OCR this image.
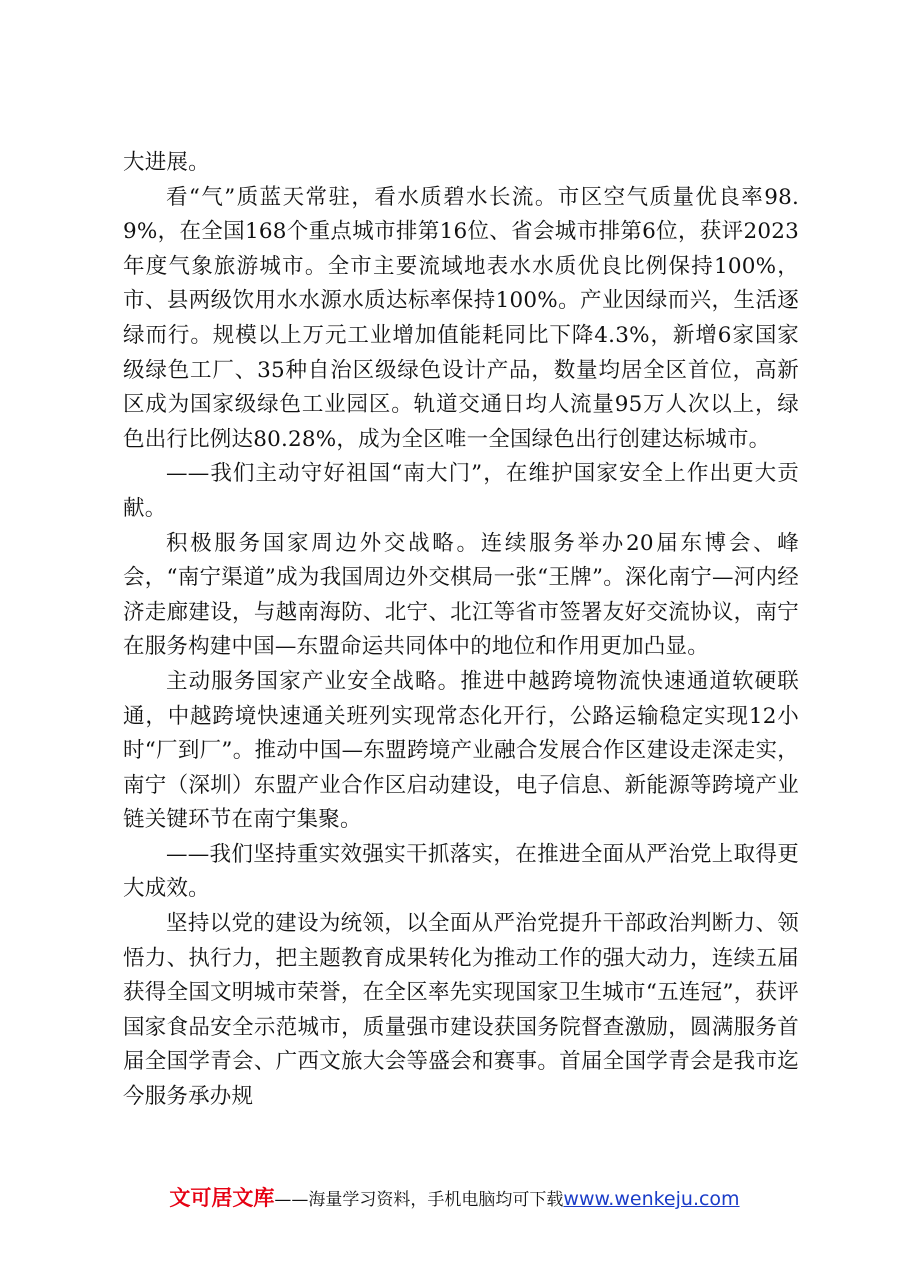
大进展。

看“气”质蓝天常驻，看水质碧水长流。市区空气质量优良率98.9%，在全国168个重点城市排第16位、省会城市排第6位，获评2023年度气象旅游城市。全市主要流域地表水水质优良比例保持100%，市、县两级饮用水水源水质达标率保持100%。产业因绿而兴，生活逐绿而行。规模以上万元工业增加值能耗同比下降4.3%，新增6家国家级绿色工厂、35种自治区级绿色设计产品，数量均居全区首位，高新区成为国家级绿色工业园区。轨道交通日均人流量95万人次以上，绿色出行比例达80.28%，成为全区唯一全国绿色出行创建达标城市。

——我们主动守好祖国“南大门”，在维护国家安全上作出更大贡献。

积极服务国家周边外交战略。连续服务举办20届东博会、峰会，“南宁渠道”成为我国周边外交棋局一张“王牌”。深化南宁—河内经济走廊建设，与越南海防、北宁、北江等省市签署友好交流协议，南宁在服务构建中国—东盟命运共同体中的地位和作用更加凸显。

主动服务国家产业安全战略。推进中越跨境物流快速通道软硬联通，中越跨境快速通关班列实现常态化开行，公路运输稳定实现12小时“厂到厂”。推动中国—东盟跨境产业融合发展合作区建设走深走实，南宁（深圳）东盟产业合作区启动建设，电子信息、新能源等跨境产业链关键环节在南宁集聚。

——我们坚持重实效强实干抓落实，在推进全面从严治党上取得更大成效。

坚持以党的建设为统领，以全面从严治党提升干部政治判断力、领悟力、执行力，把主题教育成果转化为推动工作的强大动力，连续五届获得全国文明城市荣誉，在全区率先实现国家卫生城市“五连冠”，获评国家食品安全示范城市，质量强市建设获国务院督查激励，圆满服务首届全国学青会、广西文旅大会等盛会和赛事。首届全国学青会是我市迄今服务承办规

文可居文库——海量学习资料，手机电脑均可下载www.wenkeju.com
